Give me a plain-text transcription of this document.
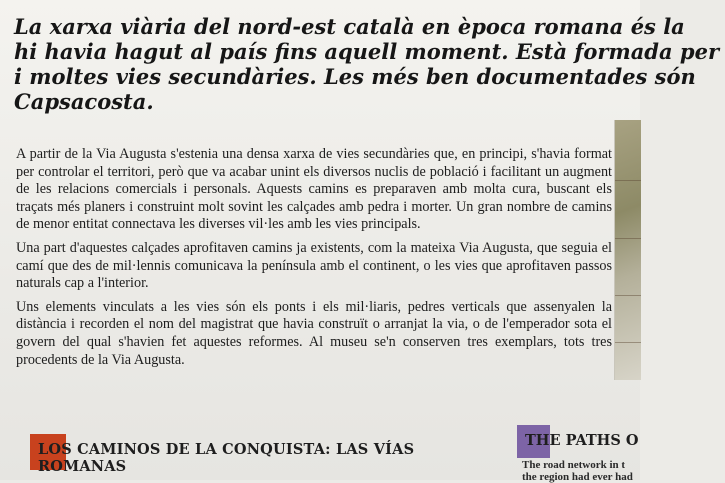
La xarxa viària del nord-est català en època romana és la
hi havia hagut al país fins aquell moment. Està formada per
i moltes vies secundàries. Les més ben documentades són
Capsacosta.

A partir de la Via Augusta s'estenia una densa xarxa de vies secundàries que, en principi, s'havia format per controlar el territori, però que va acabar unint els diversos nuclis de població i facilitant un augment de les relacions comercials i personals. Aquests camins es preparaven amb molta cura, buscant els traçats més planers i construint molt sovint les calçades amb pedra i morter. Un gran nombre de camins de menor entitat connectava les diverses vil·les amb les vies principals.

Una part d'aquestes calçades aprofitaven camins ja existents, com la mateixa Via Augusta, que seguia el camí que des de mil·lennis comunicava la península amb el continent, o les vies que aprofitaven passos naturals cap a l'interior.

Uns elements vinculats a les vies són els ponts i els mil·liaris, pedres verticals que assenyalen la distància i recorden el nom del magistrat que havia construït o arranjat la via, o de l'emperador sota el govern del qual s'havien fet aquestes reformes. Al museu se'n conserven tres exemplars, tots tres procedents de la Via Augusta.

LOS CAMINOS DE LA CONQUISTA: LAS VÍAS ROMANAS
THE PATHS O
The road network in t
the region had ever had
